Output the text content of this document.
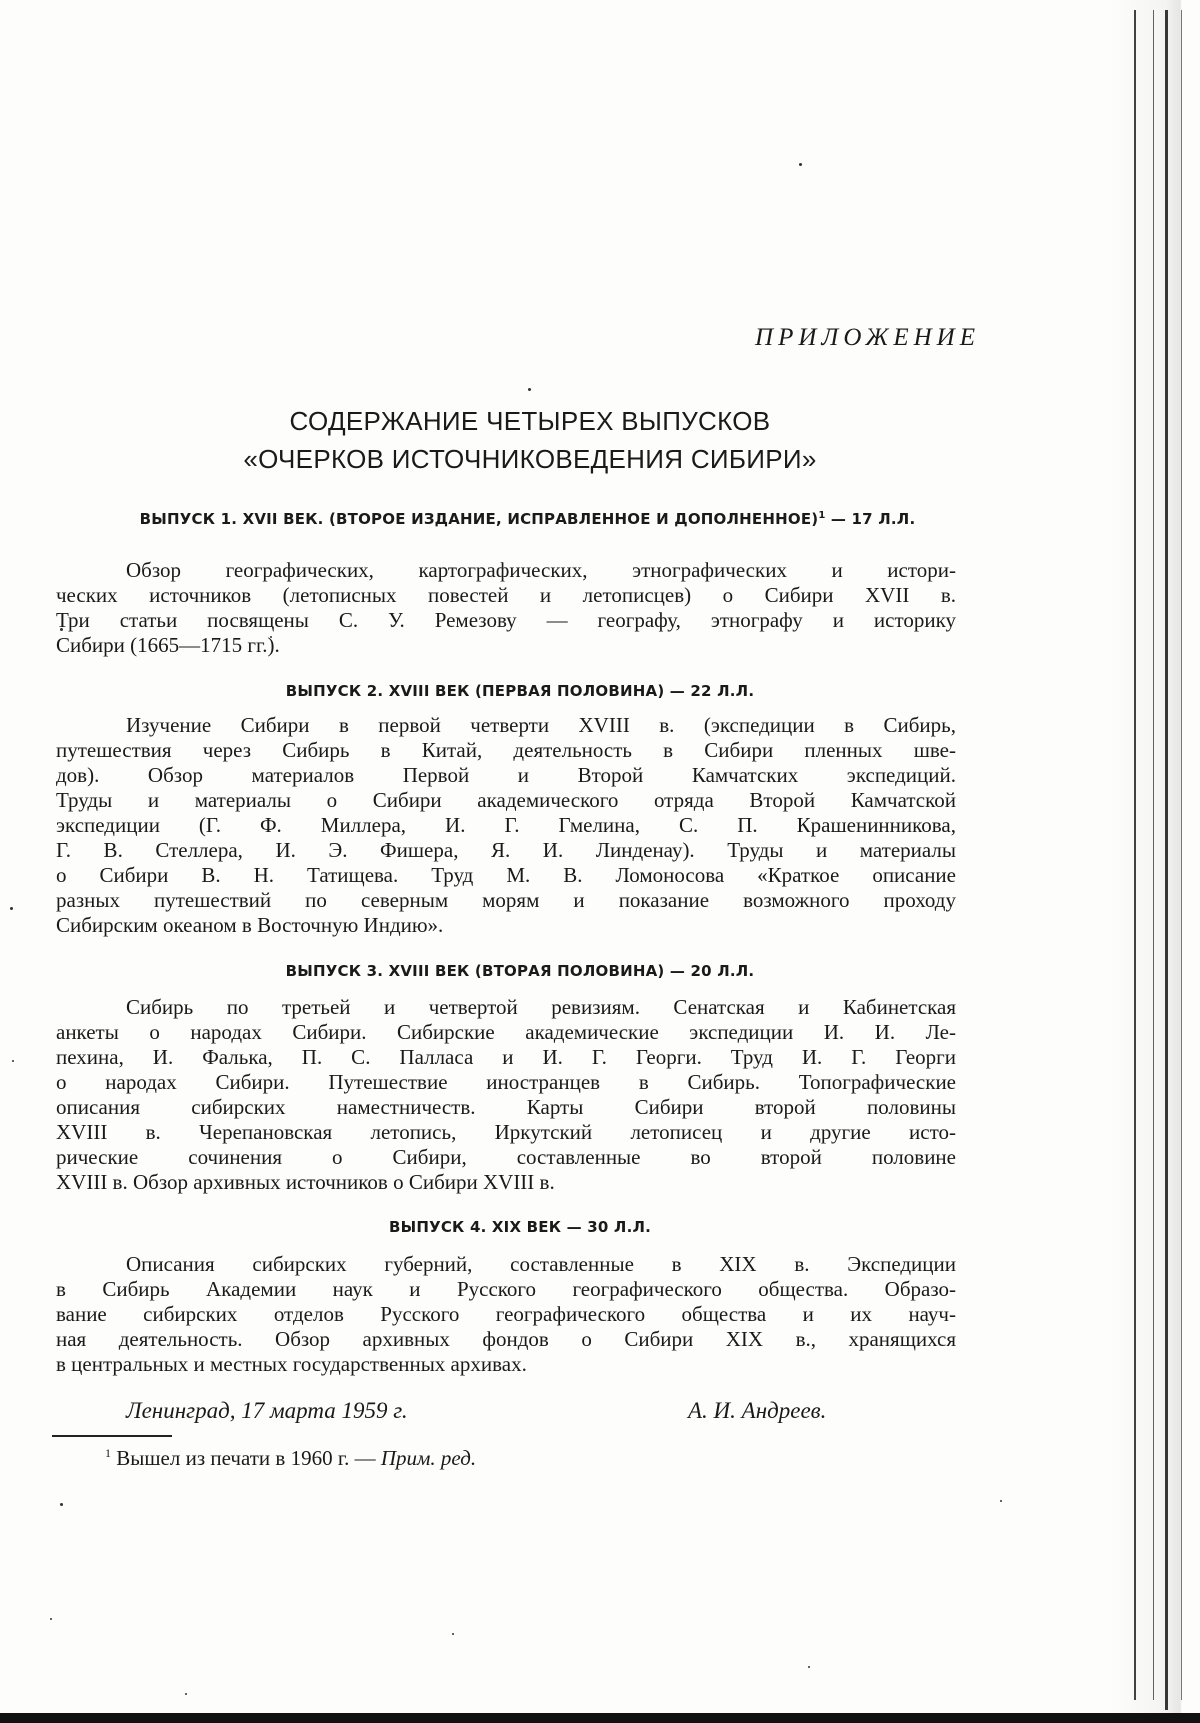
ПРИЛОЖЕНИЕ
СОДЕРЖАНИЕ ЧЕТЫРЕХ ВЫПУСКОВ
«ОЧЕРКОВ ИСТОЧНИКОВЕДЕНИЯ СИБИРИ»
ВЫПУСК 1. XVII ВЕК. (ВТОРОЕ ИЗДАНИЕ, ИСПРАВЛЕННОЕ И ДОПОЛНЕННОЕ)$^1$ — 17 Л.Л.
Обзор географических, картографических, этнографических и истори-
ческих источников (летописных повестей и летописцев) о Сибири XVII в.
Три статьи посвящены С. У. Ремезову — географу, этнографу и историку
Сибири (1665—1715 гг.).
ВЫПУСК 2. XVIII ВЕК (ПЕРВАЯ ПОЛОВИНА) — 22 Л.Л.
Изучение Сибири в первой четверти XVIII в. (экспедиции в Сибирь,
путешествия через Сибирь в Китай, деятельность в Сибири пленных шве-
дов). Обзор материалов Первой и Второй Камчатских экспедиций.
Труды и материалы о Сибири академического отряда Второй Камчатской
экспедиции (Г. Ф. Миллера, И. Г. Гмелина, С. П. Крашенинникова,
Г. В. Стеллера, И. Э. Фишера, Я. И. Линденау). Труды и материалы
о Сибири В. Н. Татищева. Труд М. В. Ломоносова «Краткое описание
разных путешествий по северным морям и показание возможного проходу
Сибирским океаном в Восточную Индию».
ВЫПУСК 3. XVIII ВЕК (ВТОРАЯ ПОЛОВИНА) — 20 Л.Л.
Сибирь по третьей и четвертой ревизиям. Сенатская и Кабинетская
анкеты о народах Сибири. Сибирские академические экспедиции И. И. Ле-
пехина, И. Фалька, П. С. Палласа и И. Г. Георги. Труд И. Г. Георги
о народах Сибири. Путешествие иностранцев в Сибирь. Топографические
описания сибирских наместничеств. Карты Сибири второй половины
XVIII в. Черепановская летопись, Иркутский летописец и другие исто-
рические сочинения о Сибири, составленные во второй половине
XVIII в. Обзор архивных источников о Сибири XVIII в.
ВЫПУСК 4. XIX ВЕК — 30 Л.Л.
Описания сибирских губерний, составленные в XIX в. Экспедиции
в Сибирь Академии наук и Русского географического общества. Образо-
вание сибирских отделов Русского географического общества и их науч-
ная деятельность. Обзор архивных фондов о Сибири XIX в., хранящихся
в центральных и местных государственных архивах.
Ленинград, 17 марта 1959 г.	А. И. Андреев.
$^1$ Вышел из печати в 1960 г. — Прим. ред.
